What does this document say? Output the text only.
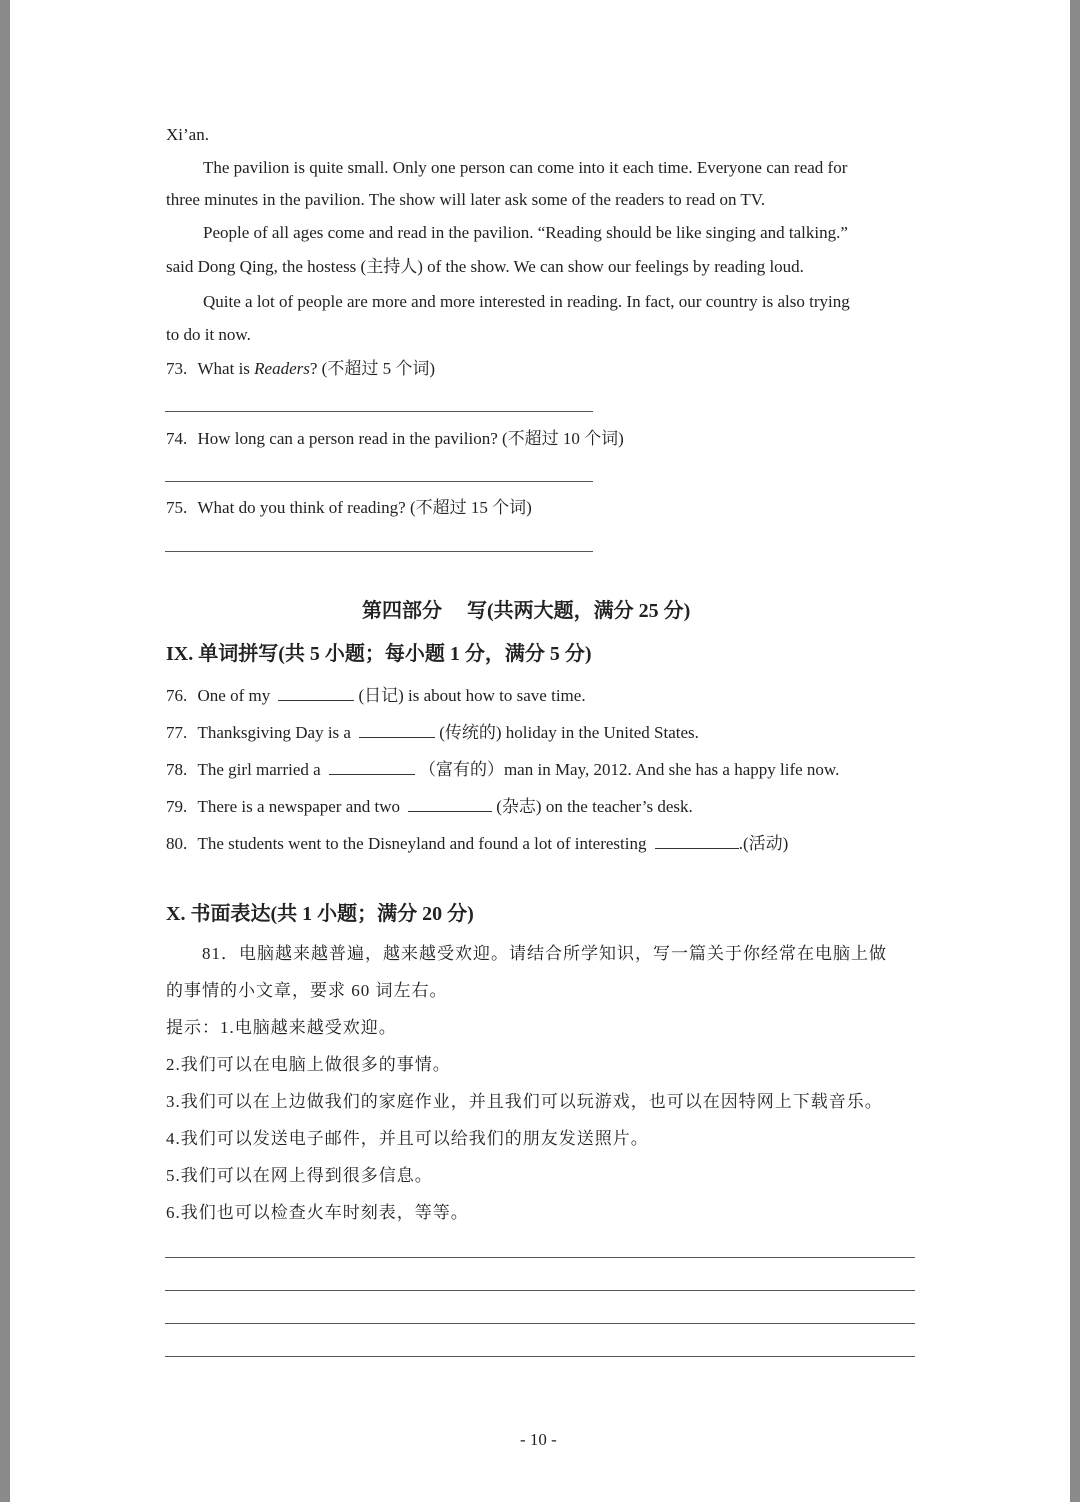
Xi’an.
The pavilion is quite small. Only one person can come into it each time. Everyone can read for
three minutes in the pavilion. The show will later ask some of the readers to read on TV.
People of all ages come and read in the pavilion. “Reading should be like singing and talking.”
said Dong Qing, the hostess (主持人) of the show. We can show our feelings by reading loud.
Quite a lot of people are more and more interested in reading. In fact, our country is also trying
to do it now.
73. What is Readers? (不超过 5 个词)
74. How long can a person read in the pavilion? (不超过 10 个词)
75. What do you think of reading? (不超过 15 个词)
第四部分　 写(共两大题，满分 25 分)
IX. 单词拼写(共 5 小题；每小题 1 分，满分 5 分)
76. One of my	(日记) is about how to save time.
77. Thanksgiving Day is a	(传统的) holiday in the United States.
78. The girl married a	（富有的）man in May, 2012. And she has a happy life now.
79. There is a newspaper and two	(杂志) on the teacher’s desk.
80. The students went to the Disneyland and found a lot of interesting	.(活动)
X. 书面表达(共 1 小题；满分 20 分)
81．电脑越来越普遍，越来越受欢迎。请结合所学知识，写一篇关于你经常在电脑上做
的事情的小文章，要求 60 词左右。
提示：1.电脑越来越受欢迎。
2.我们可以在电脑上做很多的事情。
3.我们可以在上边做我们的家庭作业，并且我们可以玩游戏，也可以在因特网上下载音乐。
4.我们可以发送电子邮件，并且可以给我们的朋友发送照片。
5.我们可以在网上得到很多信息。
6.我们也可以检查火车时刻表，等等。
- 10 -
